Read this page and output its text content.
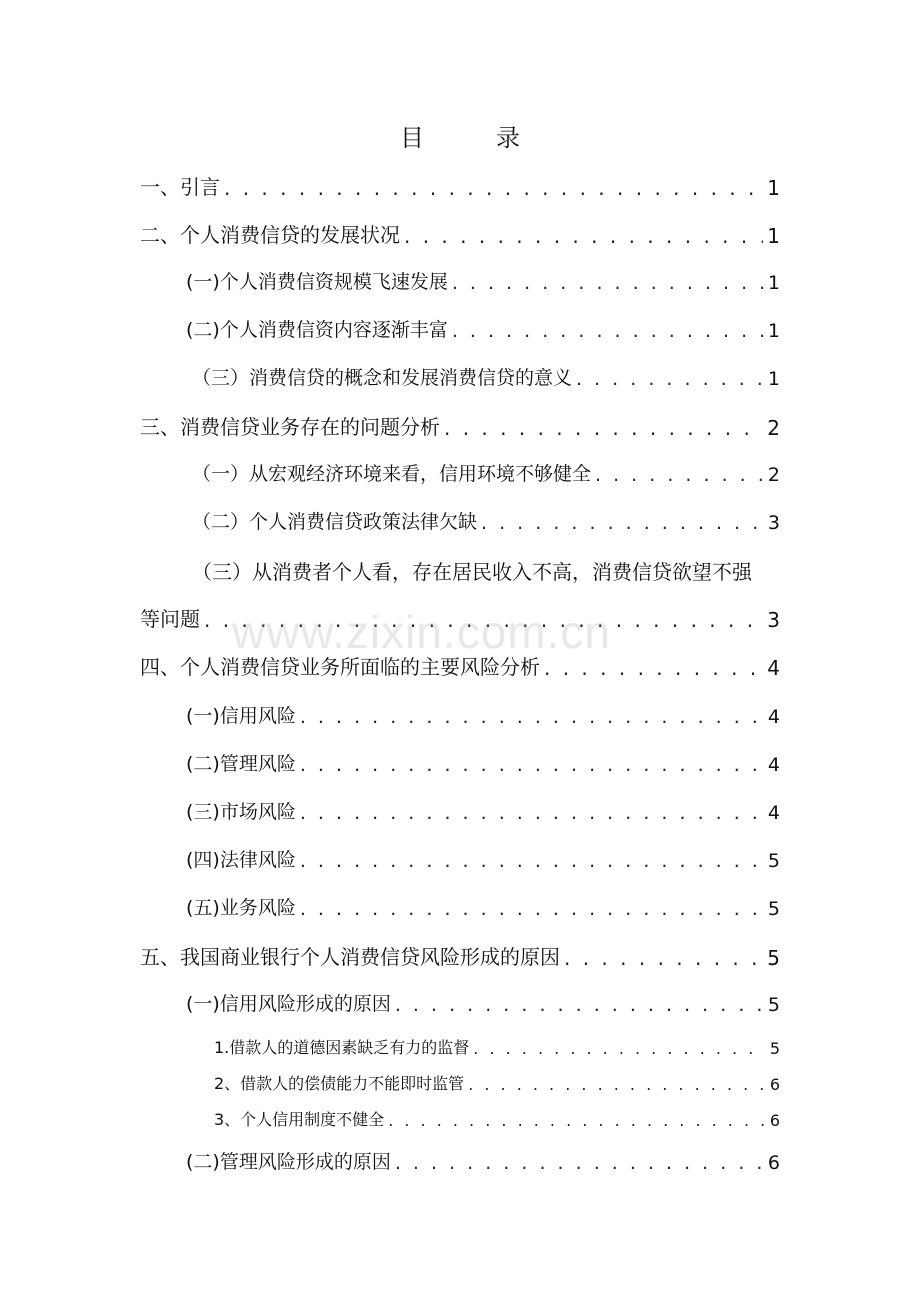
目　录
一、引言 . . .	1
二、个人消费信贷的发展状况 . . .	1
(一)个人消费信资规模飞速发展 . . .	1
(二)个人消费信资内容逐渐丰富 . . .	1
（三）消费信贷的概念和发展消费信贷的意义 . . .	1
三、消费信贷业务存在的问题分析 . . .	2
（一）从宏观经济环境来看，信用环境不够健全 . . .	2
（二）个人消费信贷政策法律欠缺 . . .	3
（三）从消费者个人看，存在居民收入不高，消费信贷欲望不强
等问题 . . .	3
四、个人消费信贷业务所面临的主要风险分析 . . .	4
(一)信用风险 . . .	4
(二)管理风险 . . .	4
(三)市场风险 . . .	4
(四)法律风险 . . .	5
(五)业务风险 . . .	5
五、我国商业银行个人消费信贷风险形成的原因 . . .	5
(一)信用风险形成的原因 . . .	5
1.借款人的道德因素缺乏有力的监督 . . .	5
2、借款人的偿债能力不能即时监管 . . .	6
3、个人信用制度不健全 . . .	6
(二)管理风险形成的原因 . . .	6
www.zixin.com.cn
